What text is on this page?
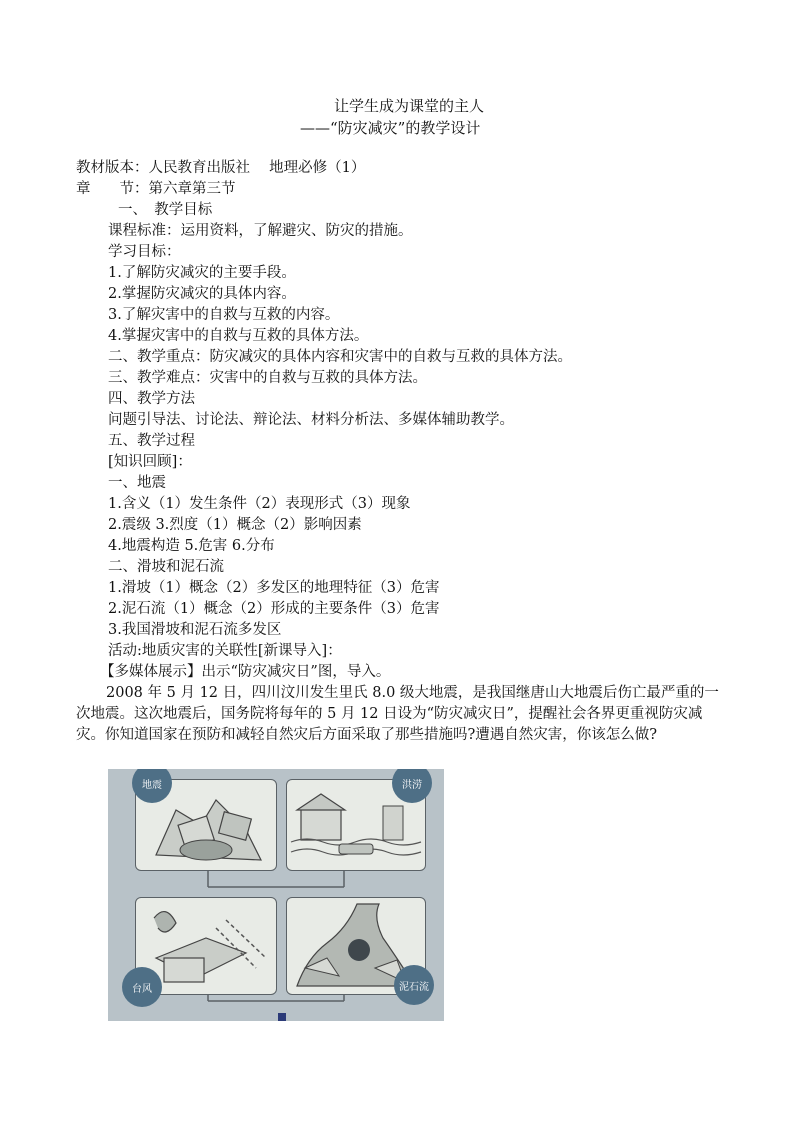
让学生成为课堂的主人
——“防灾减灾”的教学设计
教材版本：人民教育出版社　 地理必修（1）
章　　节：第六章第三节
一、　教学目标
课程标准：运用资料，了解避灾、防灾的措施。
学习目标：
1.了解防灾减灾的主要手段。
2.掌握防灾减灾的具体内容。
3.了解灾害中的自救与互救的内容。
4.掌握灾害中的自救与互救的具体方法。
二、教学重点：防灾减灾的具体内容和灾害中的自救与互救的具体方法。
三、教学难点：灾害中的自救与互救的具体方法。
四、教学方法
问题引导法、讨论法、辩论法、材料分析法、多媒体辅助教学。
五、教学过程
[知识回顾]：
一、地震
1.含义（1）发生条件（2）表现形式（3）现象
2.震级 3.烈度（1）概念（2）影响因素
4.地震构造 5.危害 6.分布
二、滑坡和泥石流
1.滑坡（1）概念（2）多发区的地理特征（3）危害
2.泥石流（1）概念（2）形成的主要条件（3）危害
3.我国滑坡和泥石流多发区
活动:地质灾害的关联性[新课导入]：
【多媒体展示】出示“防灾减灾日”图，导入。
2008 年 5 月 12 日，四川汶川发生里氏 8.0 级大地震，是我国继唐山大地震后伤亡最严重的一次地震。这次地震后，国务院将每年的 5 月 12 日设为“防灾减灾日”，提醒社会各界更重视防灾减灾。你知道国家在预防和减轻自然灾后方面采取了那些措施吗?遭遇自然灾害，你该怎么做?
地震	洪涝
台风	泥石流
